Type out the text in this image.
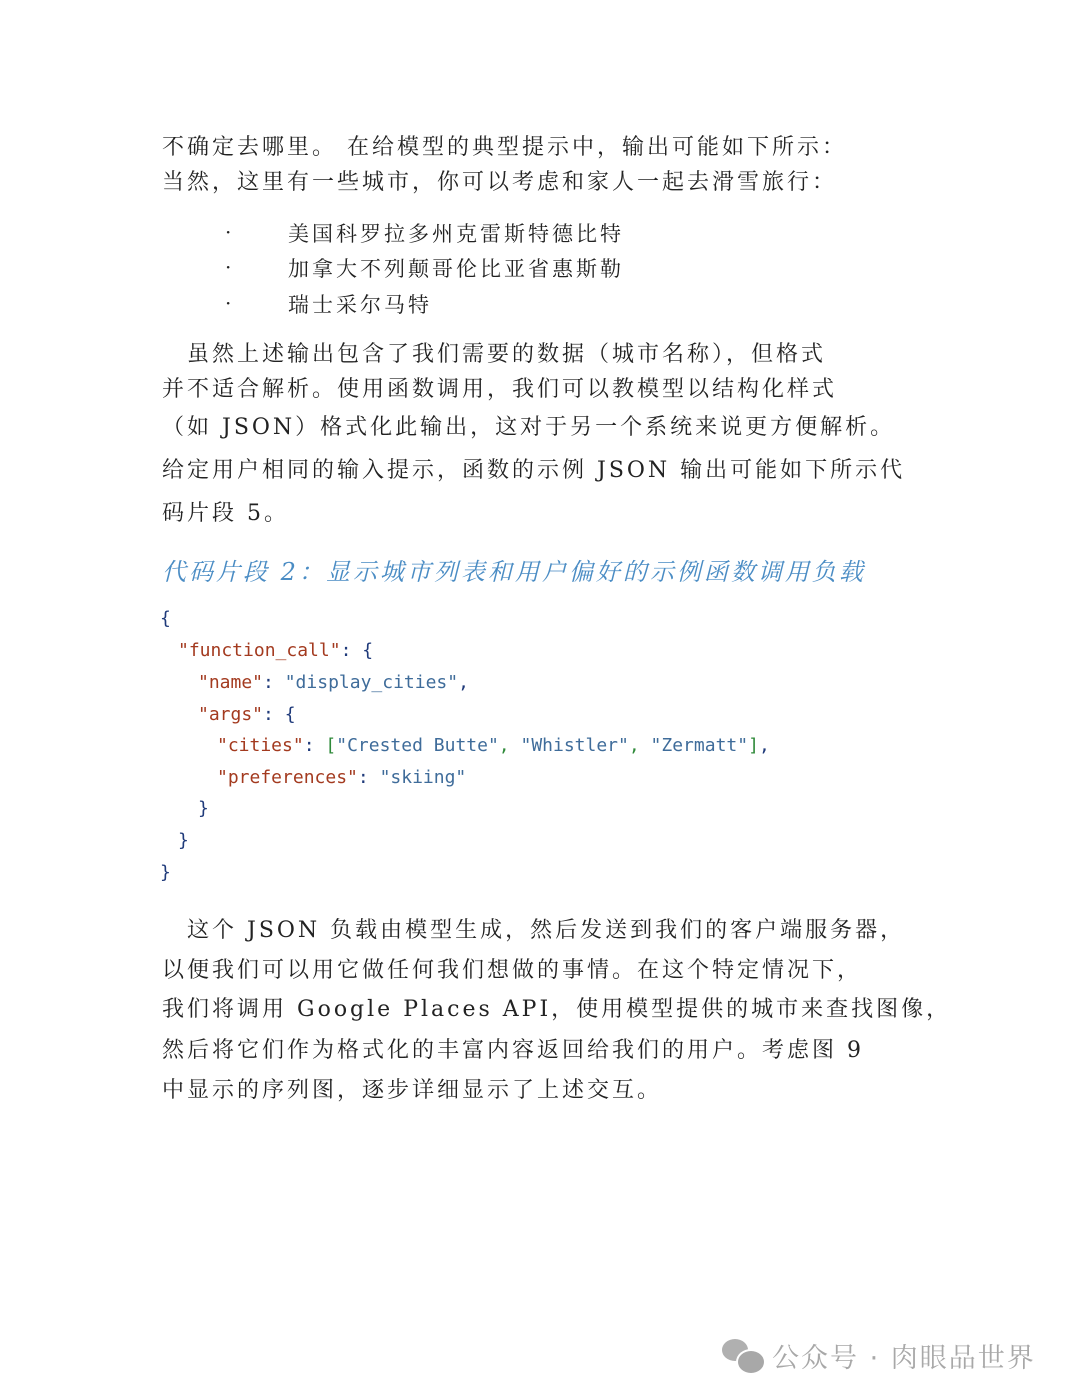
不确定去哪里。 在给模型的典型提示中，输出可能如下所示：
当然，这里有一些城市，你可以考虑和家人一起去滑雪旅行：
·	美国科罗拉多州克雷斯特德比特
·	加拿大不列颠哥伦比亚省惠斯勒
·	瑞士采尔马特
　虽然上述输出包含了我们需要的数据（城市名称），但格式
并不适合解析。使用函数调用，我们可以教模型以结构化样式
（如 JSON）格式化此输出，这对于另一个系统来说更方便解析。
给定用户相同的输入提示，函数的示例 JSON 输出可能如下所示代
码片段 5。
代码片段 2：显示城市列表和用户偏好的示例函数调用负载
{
"function_call": {
"name": "display_cities",
"args": {
"cities": ["Crested Butte", "Whistler", "Zermatt"],
"preferences": "skiing"
}
}
}
　这个 JSON 负载由模型生成，然后发送到我们的客户端服务器，
以便我们可以用它做任何我们想做的事情。在这个特定情况下，
我们将调用 Google Places API，使用模型提供的城市来查找图像，
然后将它们作为格式化的丰富内容返回给我们的用户。考虑图 9
中显示的序列图，逐步详细显示了上述交互。
公众号 · 肉眼品世界
